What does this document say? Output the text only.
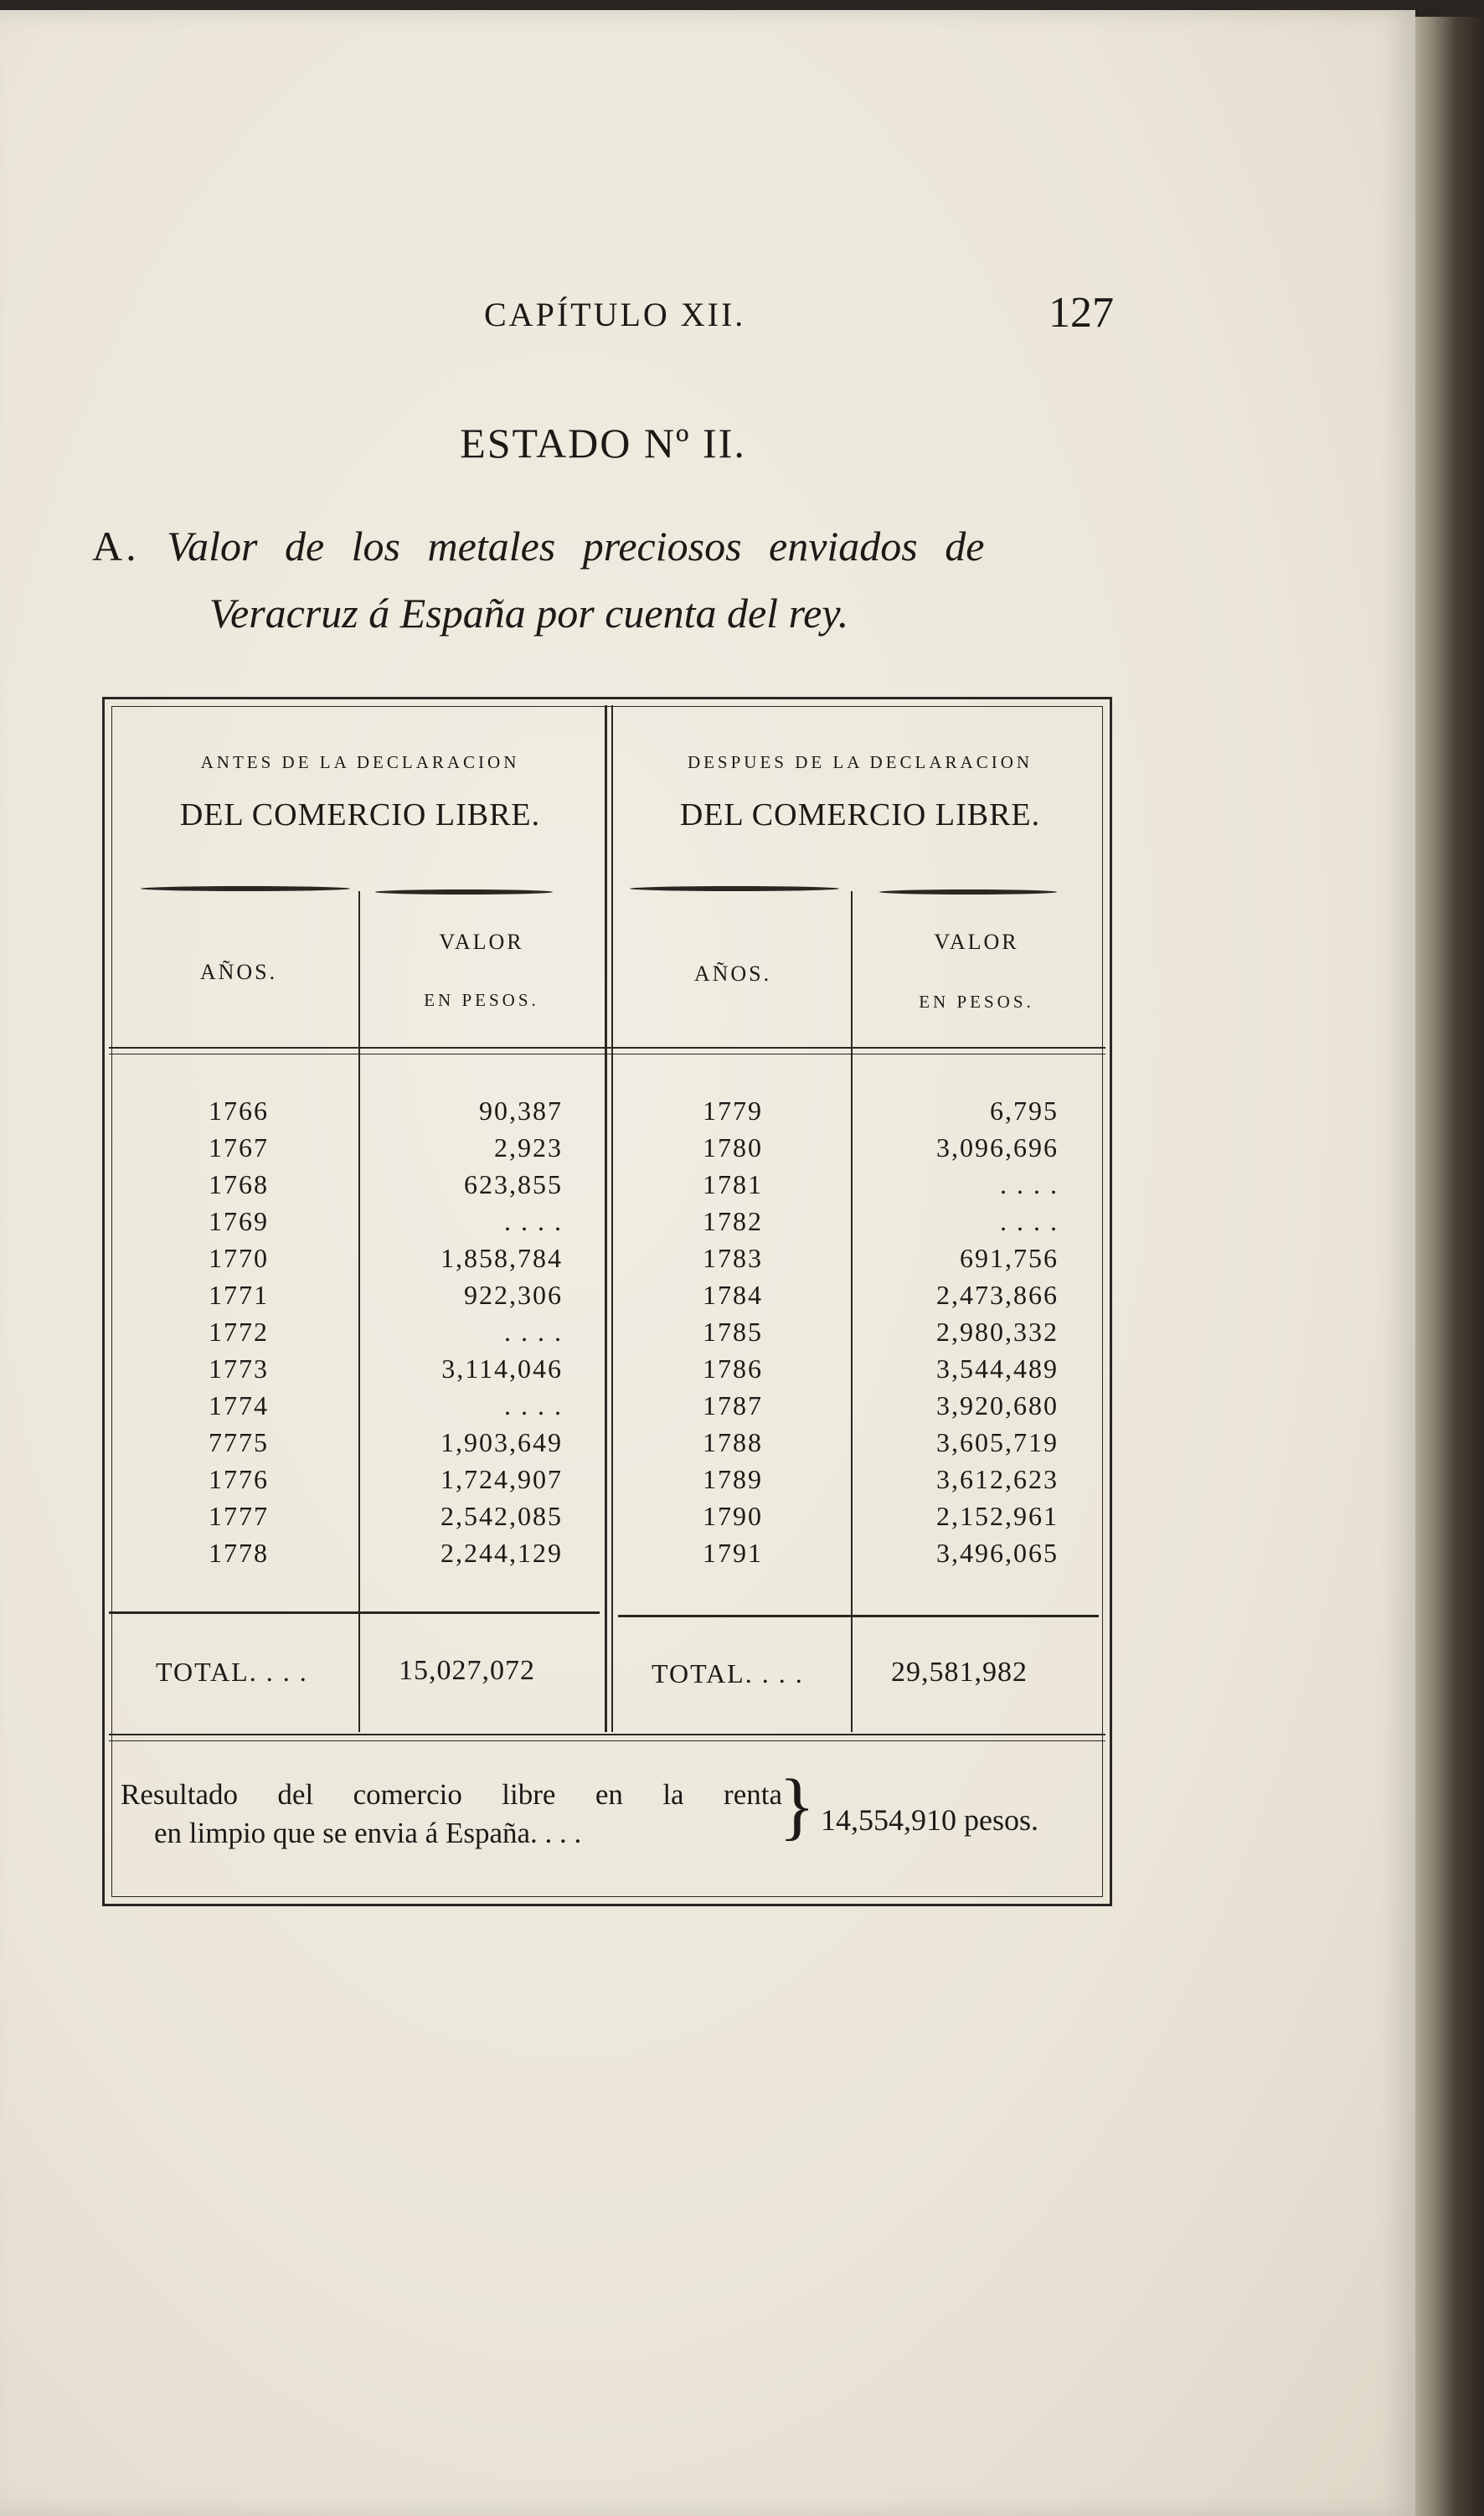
CAPÍTULO XII.	127
ESTADO Nº II.
A. Valor de los metales preciosos enviados de
Veracruz á España por cuenta del rey.
ANTES DE LA DECLARACION
DEL COMERCIO LIBRE.
DESPUES DE LA DECLARACION
DEL COMERCIO LIBRE.
AÑOS.
VALOR
EN PESOS.
AÑOS.
VALOR
EN PESOS.
1766	90,387
1767	2,923
1768	623,855
1769	. . . .
1770	1,858,784
1771	922,306
1772	. . . .
1773	3,114,046
1774	. . . .
7775	1,903,649
1776	1,724,907
1777	2,542,085
1778	2,244,129
1779	6,795
1780	3,096,696
1781	. . . .
1782	. . . .
1783	691,756
1784	2,473,866
1785	2,980,332
1786	3,544,489
1787	3,920,680
1788	3,605,719
1789	3,612,623
1790	2,152,961
1791	3,496,065
TOTAL. . . .	15,027,072	TOTAL. . . .	29,581,982
Resultado del comercio libre en la renta
en limpio que se envia á España. . . .	} 14,554,910 pesos.
